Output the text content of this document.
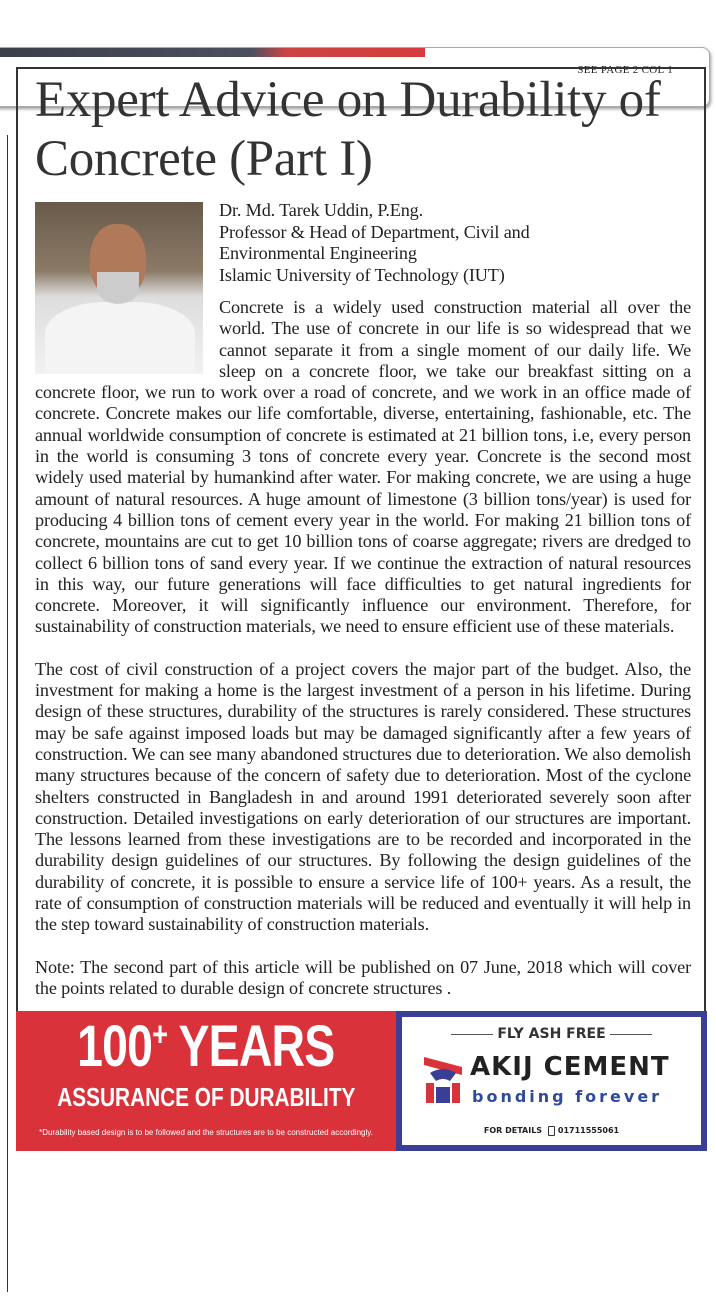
SEE PAGE 2 COL 1
Expert Advice on Durability of Concrete (Part I)
Dr. Md. Tarek Uddin, P.Eng.
Professor & Head of Department, Civil and
Environmental Engineering
Islamic University of Technology (IUT)

Concrete is a widely used construction material all over the world. The use of concrete in our life is so widespread that we cannot separate it from a single moment of our daily life. We sleep on a concrete floor, we take our breakfast sitting on a concrete floor, we run to work over a road of concrete, and we work in an office made of concrete. Concrete makes our life comfortable, diverse, entertaining, fashionable, etc. The annual worldwide consumption of concrete is estimated at 21 billion tons, i.e, every person in the world is consuming 3 tons of concrete every year. Concrete is the second most widely used material by humankind after water. For making concrete, we are using a huge amount of natural resources. A huge amount of limestone (3 billion tons/year) is used for producing 4 billion tons of cement every year in the world. For making 21 billion tons of concrete, mountains are cut to get 10 billion tons of coarse aggregate; rivers are dredged to collect 6 billion tons of sand every year. If we continue the extraction of natural resources in this way, our future generations will face difficulties to get natural ingredients for concrete. Moreover, it will significantly influence our environment. Therefore, for sustainability of construction materials, we need to ensure efficient use of these materials.

The cost of civil construction of a project covers the major part of the budget. Also, the investment for making a home is the largest investment of a person in his lifetime. During design of these structures, durability of the structures is rarely considered. These structures may be safe against imposed loads but may be damaged significantly after a few years of construction. We can see many abandoned structures due to deterioration. We also demolish many structures because of the concern of safety due to deterioration. Most of the cyclone shelters constructed in Bangladesh in and around 1991 deteriorated severely soon after construction. Detailed investigations on early deterioration of our structures are important. The lessons learned from these investigations are to be recorded and incorporated in the durability design guidelines of our structures. By following the design guidelines of the durability of concrete, it is possible to ensure a service life of 100+ years. As a result, the rate of consumption of construction materials will be reduced and eventually it will help in the step toward sustainability of construction materials.

Note: The second part of this article will be published on 07 June, 2018 which will cover the points related to durable design of concrete structures .

100+ YEARS
ASSURANCE OF DURABILITY
*Durability based design is to be followed and the structures are to be constructed accordingly.
FLY ASH FREE
AKIJ CEMENT
bonding forever
FOR DETAILS 01711555061
